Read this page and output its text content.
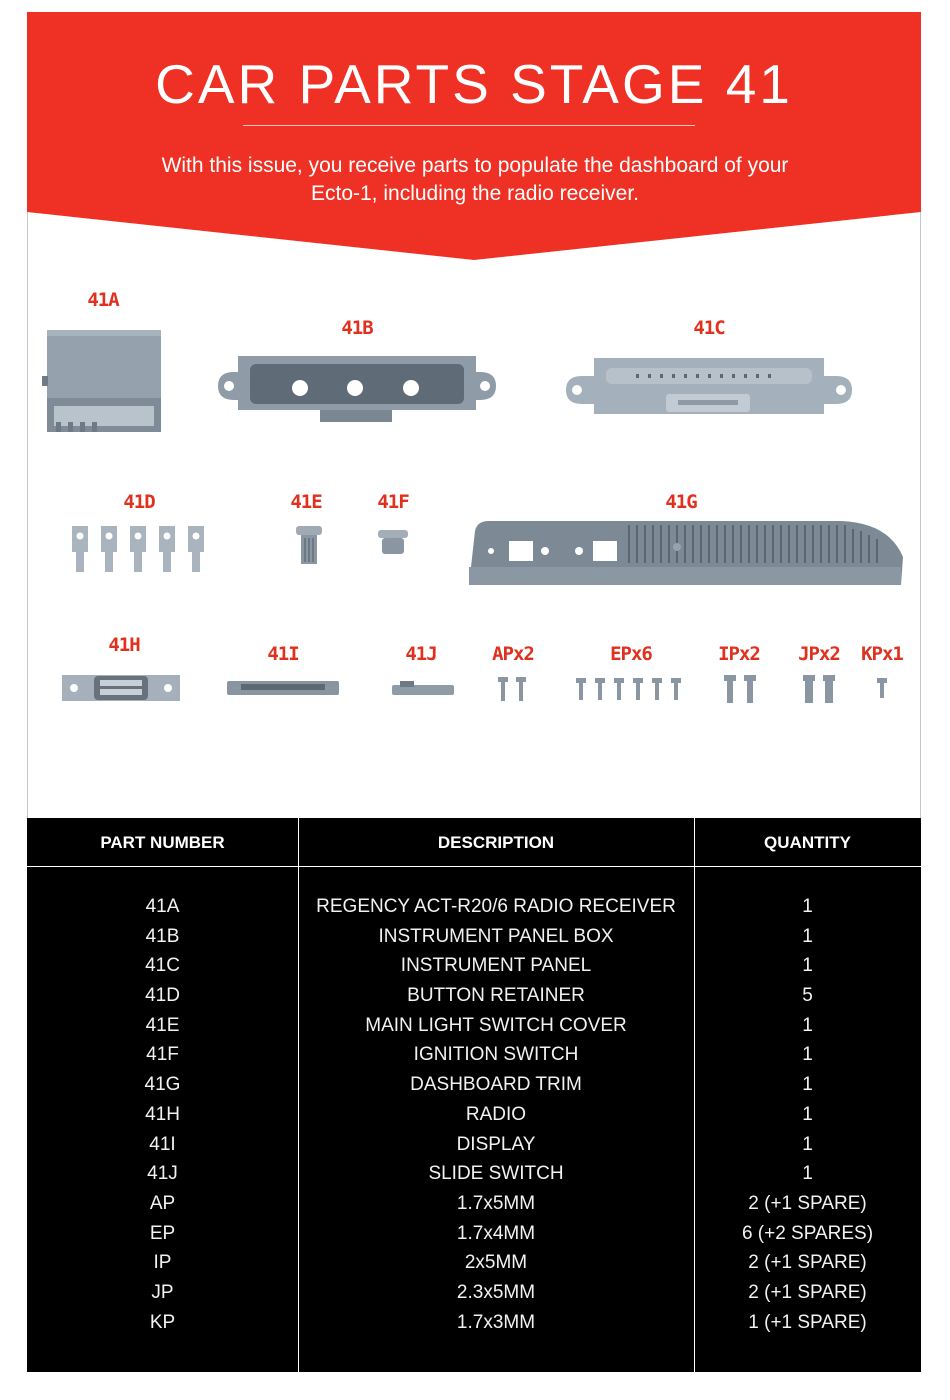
CAR PARTS STAGE 41
With this issue, you receive parts to populate the dashboard of your Ecto-1, including the radio receiver.
41A
41B	41C
41D	41E	41F	41G
41H	41I	41J	APx2	EPx6	IPx2 JPx2 KPx1
PART NUMBER	DESCRIPTION	QUANTITY
41A	REGENCY ACT-R20/6 RADIO RECEIVER	1
41B	INSTRUMENT PANEL BOX	1
41C	INSTRUMENT PANEL	1
41D	BUTTON RETAINER	5
41E	MAIN LIGHT SWITCH COVER	1
41F	IGNITION SWITCH	1
41G	DASHBOARD TRIM	1
41H	RADIO	1
41I	DISPLAY	1
41J	SLIDE SWITCH	1
AP	1.7x5MM	2 (+1 SPARE)
EP	1.7x4MM	6 (+2 SPARES)
IP	2x5MM	2 (+1 SPARE)
JP	2.3x5MM	2 (+1 SPARE)
KP	1.7x3MM	1 (+1 SPARE)
